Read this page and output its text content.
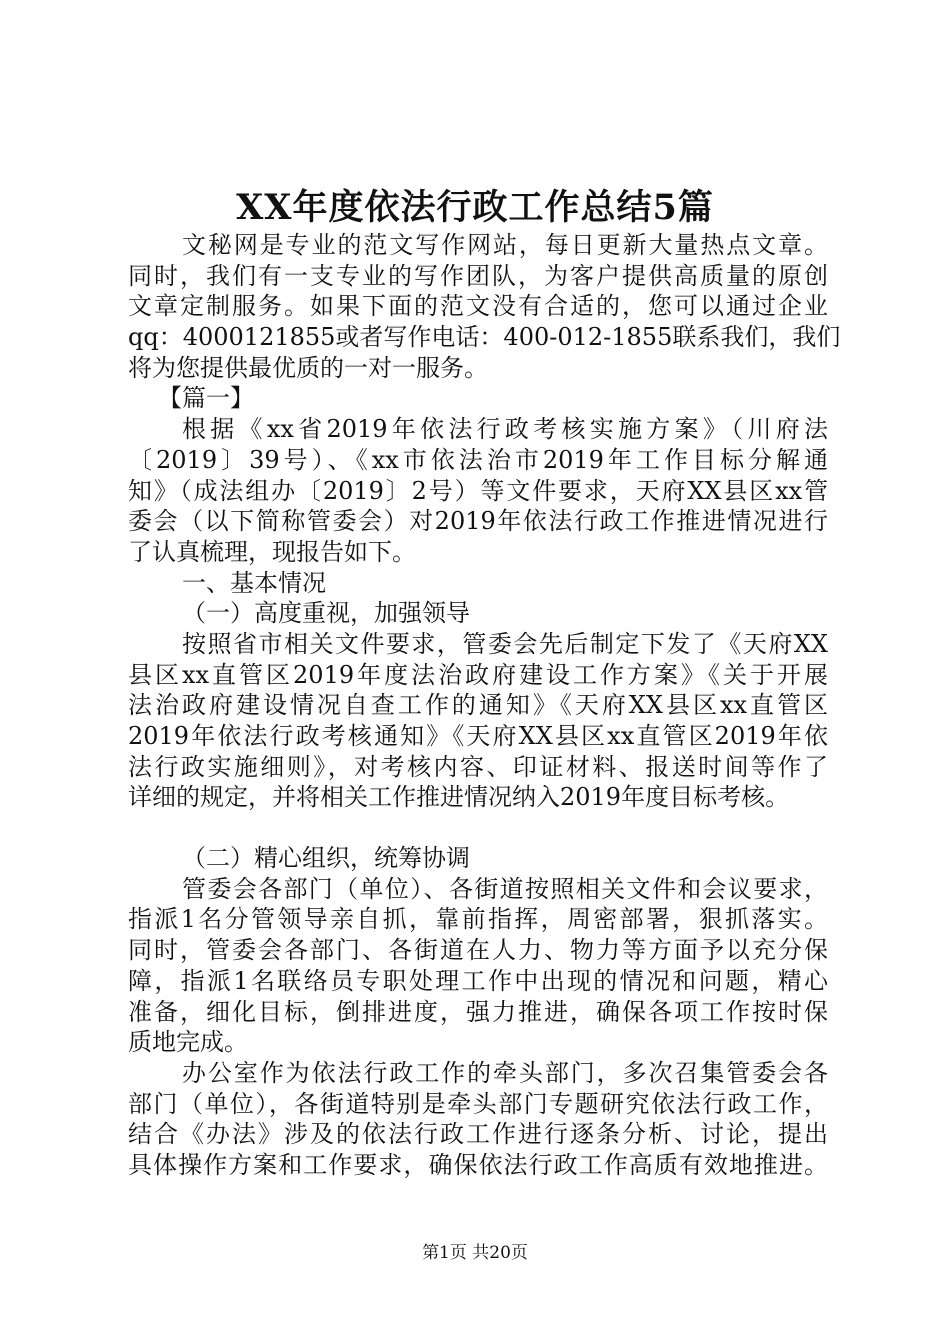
XX年度依法行政工作总结5篇
文秘网是专业的范文写作网站，每日更新大量热点文章。
同时，我们有一支专业的写作团队，为客户提供高质量的原创
文章定制服务。如果下面的范文没有合适的，您可以通过企业
qq：4000121855或者写作电话：400-012-1855联系我们，我们
将为您提供最优质的一对一服务。
【篇一】
根据《xx省2019年依法行政考核实施方案》（川府法
〔2019〕39号）、《xx市依法治市2019年工作目标分解通
知》（成法组办〔2019〕2号）等文件要求，天府XX县区xx管
委会（以下简称管委会）对2019年依法行政工作推进情况进行
了认真梳理，现报告如下。
一、基本情况
（一）高度重视，加强领导
按照省市相关文件要求，管委会先后制定下发了《天府XX
县区xx直管区2019年度法治政府建设工作方案》《关于开展
法治政府建设情况自查工作的通知》《天府XX县区xx直管区
2019年依法行政考核通知》《天府XX县区xx直管区2019年依
法行政实施细则》，对考核内容、印证材料、报送时间等作了
详细的规定，并将相关工作推进情况纳入2019年度目标考核。
（二）精心组织，统筹协调
管委会各部门（单位）、各街道按照相关文件和会议要求，
指派1名分管领导亲自抓，靠前指挥，周密部署，狠抓落实。
同时，管委会各部门、各街道在人力、物力等方面予以充分保
障，指派1名联络员专职处理工作中出现的情况和问题，精心
准备，细化目标，倒排进度，强力推进，确保各项工作按时保
质地完成。
办公室作为依法行政工作的牵头部门，多次召集管委会各
部门（单位），各街道特别是牵头部门专题研究依法行政工作，
结合《办法》涉及的依法行政工作进行逐条分析、讨论，提出
具体操作方案和工作要求，确保依法行政工作高质有效地推进。
第1页 共20页
